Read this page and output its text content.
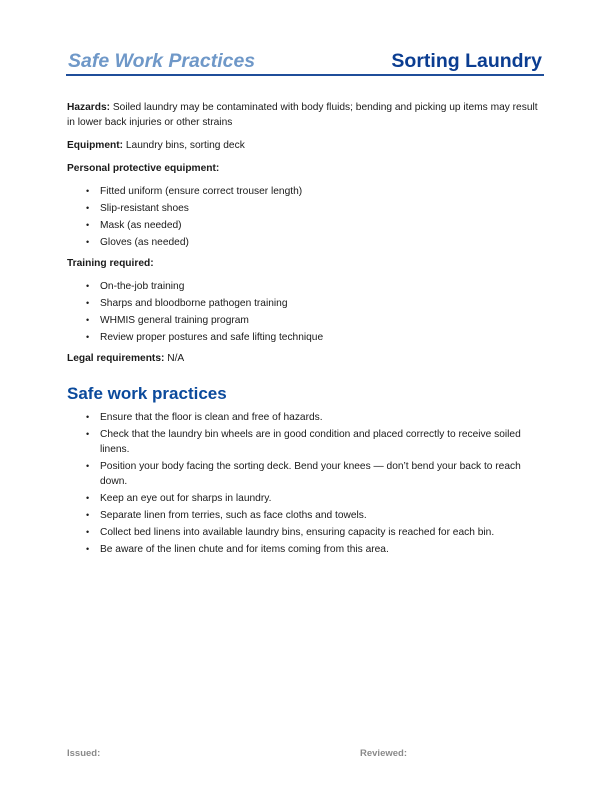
Safe Work Practices	Sorting Laundry

Hazards: Soiled laundry may be contaminated with body fluids; bending and picking up items may result in lower back injuries or other strains

Equipment: Laundry bins, sorting deck

Personal protective equipment:

• Fitted uniform (ensure correct trouser length)
• Slip-resistant shoes
• Mask (as needed)
• Gloves (as needed)

Training required:

• On-the-job training
• Sharps and bloodborne pathogen training
• WHMIS general training program
• Review proper postures and safe lifting technique

Legal requirements: N/A

Safe work practices
• Ensure that the floor is clean and free of hazards.
• Check that the laundry bin wheels are in good condition and placed correctly to receive soiled linens.
• Position your body facing the sorting deck. Bend your knees — don’t bend your back to reach down.
• Keep an eye out for sharps in laundry.
• Separate linen from terries, such as face cloths and towels.
• Collect bed linens into available laundry bins, ensuring capacity is reached for each bin.
• Be aware of the linen chute and for items coming from this area.
Issued:	Reviewed:
